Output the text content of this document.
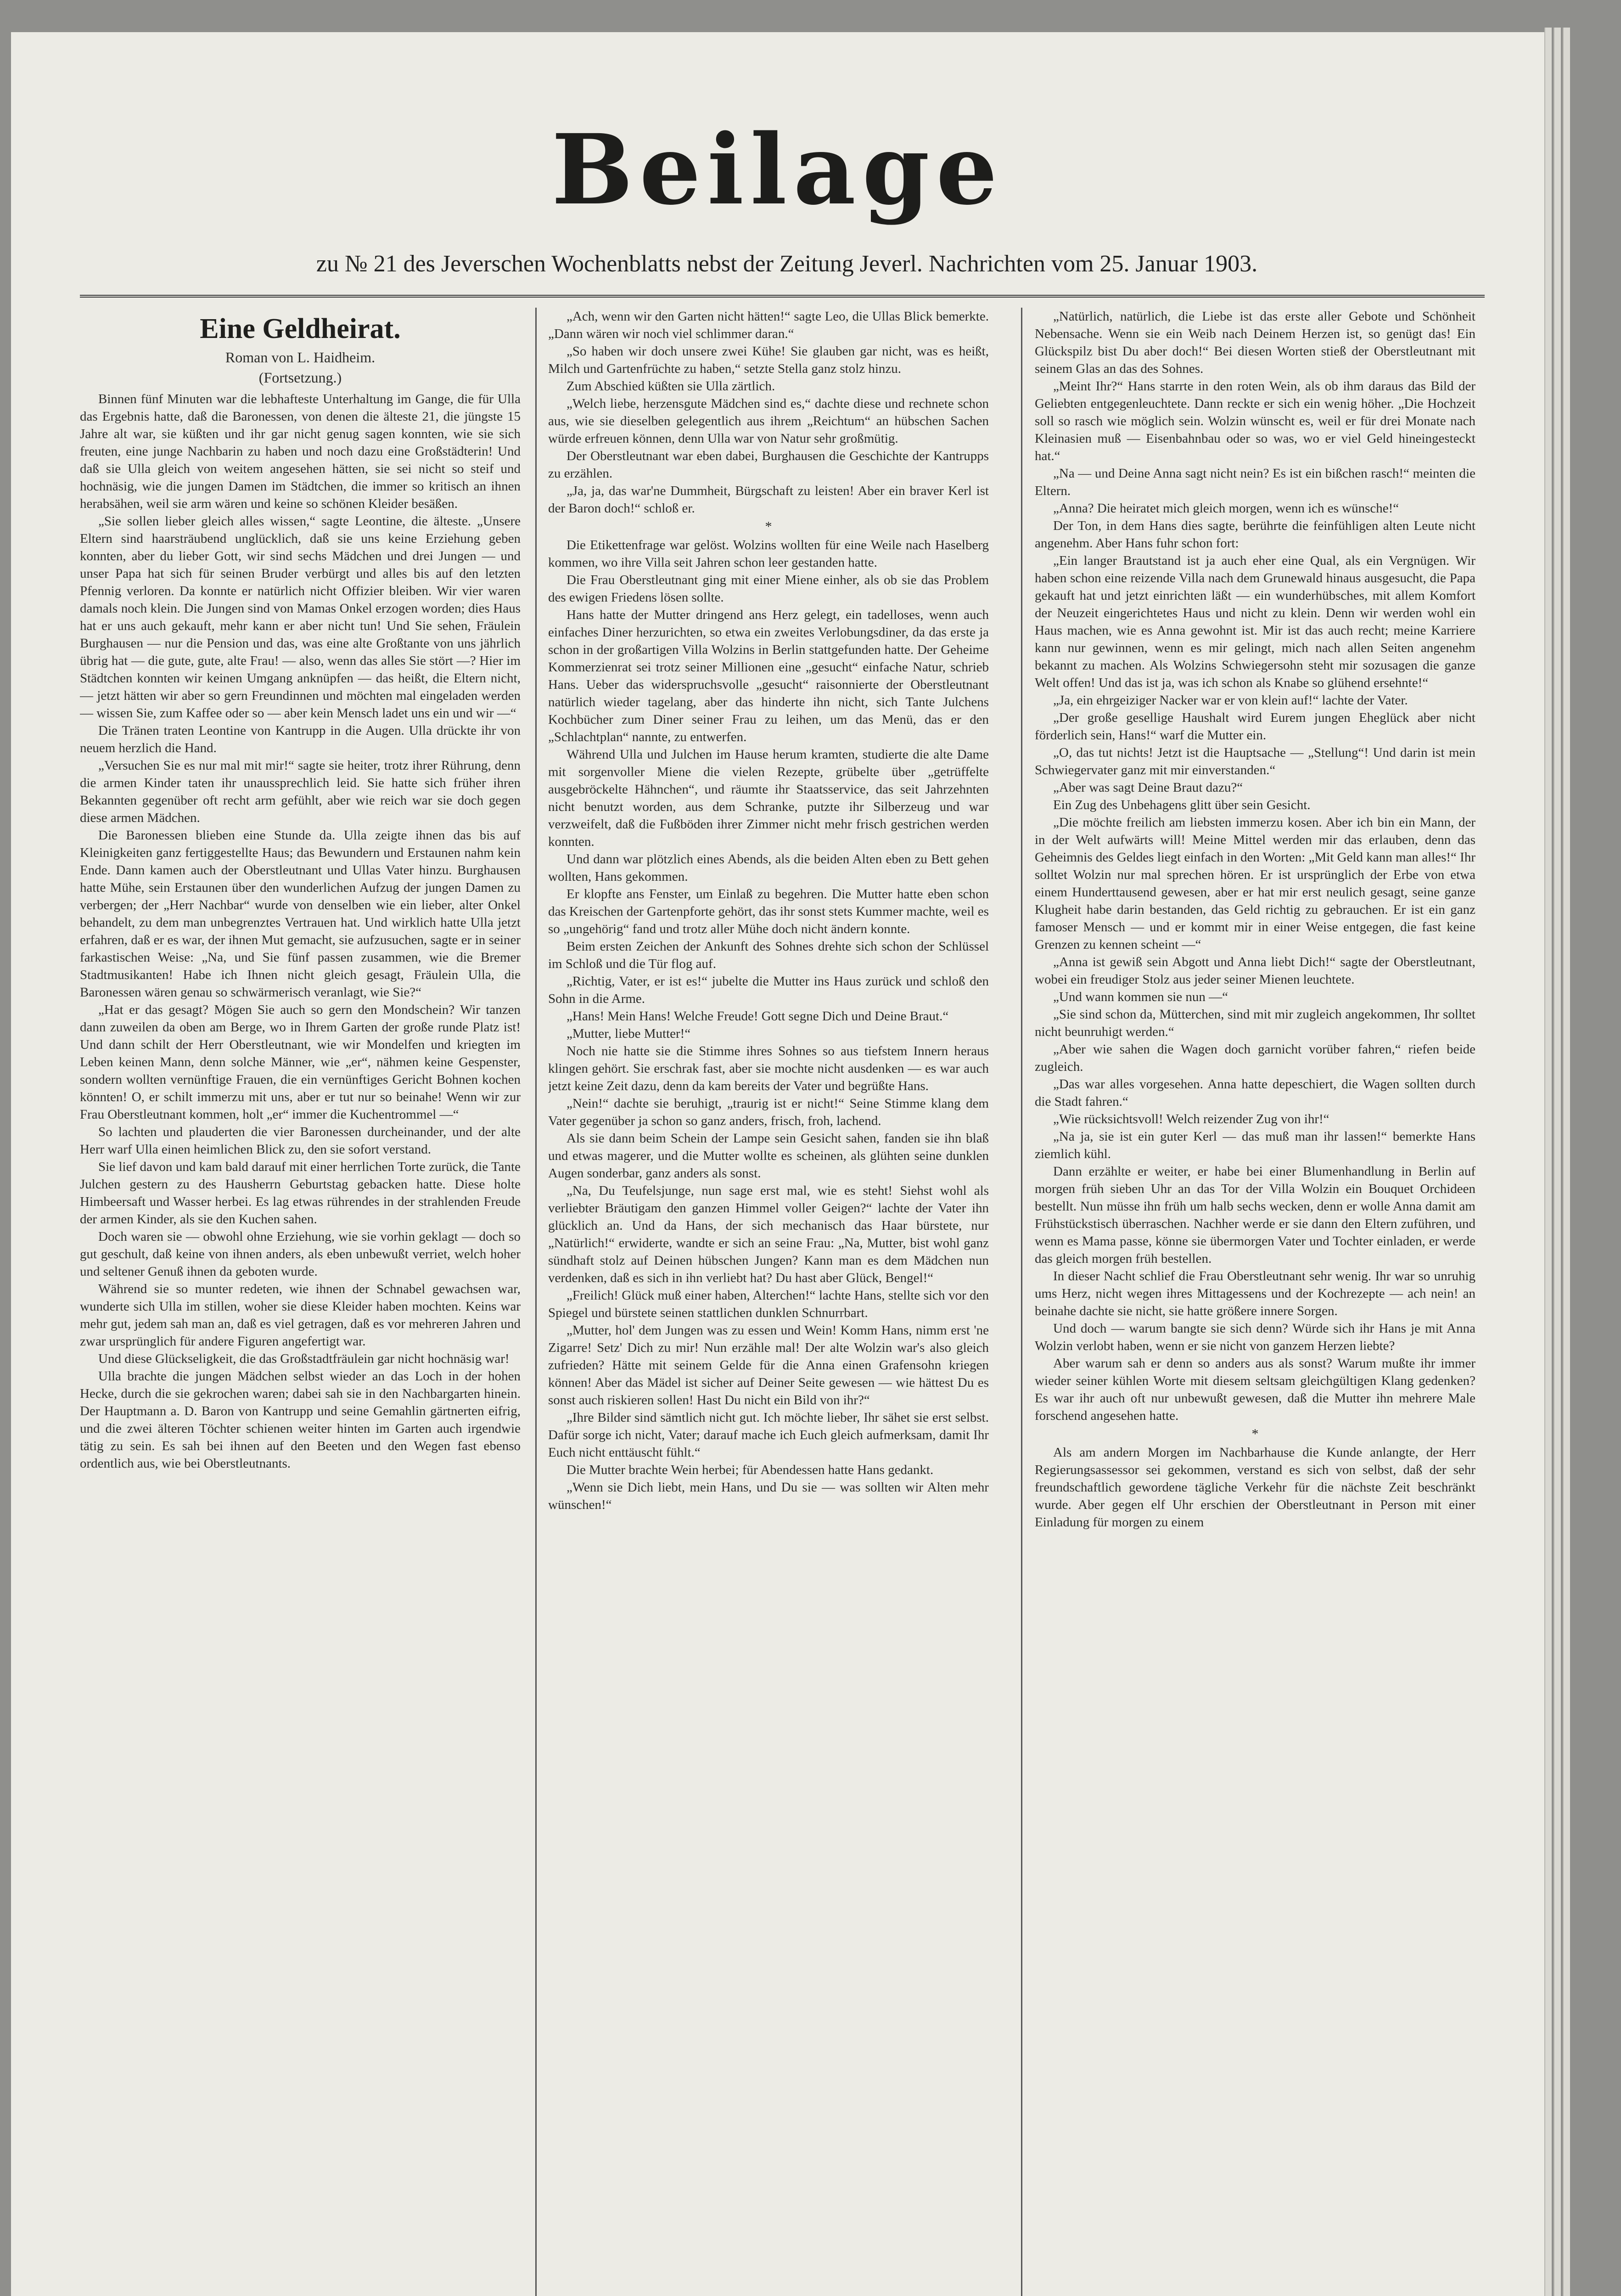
Beilage
zu № 21 des Jeverschen Wochenblatts nebst der Zeitung Jeverl. Nachrichten vom 25. Januar 1903.
Eine Geldheirat.
Roman von L. Haidheim.
(Fortsetzung.)

Binnen fünf Minuten war die lebhafteste Unterhaltung im Gange, die für Ulla das Ergebnis hatte, daß die Baronessen, von denen die älteste 21, die jüngste 15 Jahre alt war, sie küßten und ihr gar nicht genug sagen konnten, wie sie sich freuten, eine junge Nachbarin zu haben und noch dazu eine Großstädterin! Und daß sie Ulla gleich von weitem angesehen hätten, sie sei nicht so steif und hochnäsig, wie die jungen Damen im Städtchen, die immer so kritisch an ihnen herabsähen, weil sie arm wären und keine so schönen Kleider besäßen.

„Sie sollen lieber gleich alles wissen,“ sagte Leontine, die älteste. „Unsere Eltern sind haarsträubend unglücklich, daß sie uns keine Erziehung geben konnten, aber du lieber Gott, wir sind sechs Mädchen und drei Jungen — und unser Papa hat sich für seinen Bruder verbürgt und alles bis auf den letzten Pfennig verloren. Da konnte er natürlich nicht Offizier bleiben. Wir vier waren damals noch klein. Die Jungen sind von Mamas Onkel erzogen worden; dies Haus hat er uns auch gekauft, mehr kann er aber nicht tun! Und Sie sehen, Fräulein Burghausen — nur die Pension und das, was eine alte Großtante von uns jährlich übrig hat — die gute, gute, alte Frau! — also, wenn das alles Sie stört —? Hier im Städtchen konnten wir keinen Umgang anknüpfen — das heißt, die Eltern nicht, — jetzt hätten wir aber so gern Freundinnen und möchten mal eingeladen werden — wissen Sie, zum Kaffee oder so — aber kein Mensch ladet uns ein und wir —“

Die Tränen traten Leontine von Kantrupp in die Augen. Ulla drückte ihr von neuem herzlich die Hand.

„Versuchen Sie es nur mal mit mir!“ sagte sie heiter, trotz ihrer Rührung, denn die armen Kinder taten ihr unaussprechlich leid. Sie hatte sich früher ihren Bekannten gegenüber oft recht arm gefühlt, aber wie reich war sie doch gegen diese armen Mädchen.

Die Baronessen blieben eine Stunde da. Ulla zeigte ihnen das bis auf Kleinigkeiten ganz fertiggestellte Haus; das Bewundern und Erstaunen nahm kein Ende. Dann kamen auch der Oberstleutnant und Ullas Vater hinzu. Burghausen hatte Mühe, sein Erstaunen über den wunderlichen Aufzug der jungen Damen zu verbergen; der „Herr Nachbar“ wurde von denselben wie ein lieber, alter Onkel behandelt, zu dem man unbegrenztes Vertrauen hat. Und wirklich hatte Ulla jetzt erfahren, daß er es war, der ihnen Mut gemacht, sie aufzusuchen, sagte er in seiner farkastischen Weise: „Na, und Sie fünf passen zusammen, wie die Bremer Stadtmusikanten! Habe ich Ihnen nicht gleich gesagt, Fräulein Ulla, die Baronessen wären genau so schwärmerisch veranlagt, wie Sie?“

„Hat er das gesagt? Mögen Sie auch so gern den Mondschein? Wir tanzen dann zuweilen da oben am Berge, wo in Ihrem Garten der große runde Platz ist! Und dann schilt der Herr Oberstleutnant, wie wir Mondelfen und kriegten im Leben keinen Mann, denn solche Männer, wie „er“, nähmen keine Gespenster, sondern wollten vernünftige Frauen, die ein vernünftiges Gericht Bohnen kochen könnten! O, er schilt immerzu mit uns, aber er tut nur so beinahe! Wenn wir zur Frau Oberstleutnant kommen, holt „er“ immer die Kuchentrommel —“

So lachten und plauderten die vier Baronessen durcheinander, und der alte Herr warf Ulla einen heimlichen Blick zu, den sie sofort verstand.

Sie lief davon und kam bald darauf mit einer herrlichen Torte zurück, die Tante Julchen gestern zu des Hausherrn Geburtstag gebacken hatte. Diese holte Himbeersaft und Wasser herbei. Es lag etwas rührendes in der strahlenden Freude der armen Kinder, als sie den Kuchen sahen.

Doch waren sie — obwohl ohne Erziehung, wie sie vorhin geklagt — doch so gut geschult, daß keine von ihnen anders, als eben unbewußt verriet, welch hoher und seltener Genuß ihnen da geboten wurde.

Während sie so munter redeten, wie ihnen der Schnabel gewachsen war, wunderte sich Ulla im stillen, woher sie diese Kleider haben mochten. Keins war mehr gut, jedem sah man an, daß es viel getragen, daß es vor mehreren Jahren und zwar ursprünglich für andere Figuren angefertigt war.

Und diese Glückseligkeit, die das Großstadtfräulein gar nicht hochnäsig war!

Ulla brachte die jungen Mädchen selbst wieder an das Loch in der hohen Hecke, durch die sie gekrochen waren; dabei sah sie in den Nachbargarten hinein. Der Hauptmann a. D. Baron von Kantrupp und seine Gemahlin gärtnerten eifrig, und die zwei älteren Töchter schienen weiter hinten im Garten auch irgendwie tätig zu sein. Es sah bei ihnen auf den Beeten und den Wegen fast ebenso ordentlich aus, wie bei Oberstleutnants.

„Ach, wenn wir den Garten nicht hätten!“ sagte Leo, die Ullas Blick bemerkte. „Dann wären wir noch viel schlimmer daran.“

„So haben wir doch unsere zwei Kühe! Sie glauben gar nicht, was es heißt, Milch und Gartenfrüchte zu haben,“ setzte Stella ganz stolz hinzu.

Zum Abschied küßten sie Ulla zärtlich.

„Welch liebe, herzensgute Mädchen sind es,“ dachte diese und rechnete schon aus, wie sie dieselben gelegentlich aus ihrem „Reichtum“ an hübschen Sachen würde erfreuen können, denn Ulla war von Natur sehr großmütig.

Der Oberstleutnant war eben dabei, Burghausen die Geschichte der Kantrupps zu erzählen.

„Ja, ja, das war'ne Dummheit, Bürgschaft zu leisten! Aber ein braver Kerl ist der Baron doch!“ schloß er.

*

Die Etikettenfrage war gelöst. Wolzins wollten für eine Weile nach Haselberg kommen, wo ihre Villa seit Jahren schon leer gestanden hatte.

Die Frau Oberstleutnant ging mit einer Miene einher, als ob sie das Problem des ewigen Friedens lösen sollte.

Hans hatte der Mutter dringend ans Herz gelegt, ein tadelloses, wenn auch einfaches Diner herzurichten, so etwa ein zweites Verlobungsdiner, da das erste ja schon in der großartigen Villa Wolzins in Berlin stattgefunden hatte. Der Geheime Kommerzienrat sei trotz seiner Millionen eine „gesucht“ einfache Natur, schrieb Hans. Ueber das widerspruchsvolle „gesucht“ raisonnierte der Oberstleutnant natürlich wieder tagelang, aber das hinderte ihn nicht, sich Tante Julchens Kochbücher zum Diner seiner Frau zu leihen, um das Menü, das er den „Schlachtplan“ nannte, zu entwerfen.

Während Ulla und Julchen im Hause herum kramten, studierte die alte Dame mit sorgenvoller Miene die vielen Rezepte, grübelte über „getrüffelte ausgebröckelte Hähnchen“, und räumte ihr Staatsservice, das seit Jahrzehnten nicht benutzt worden, aus dem Schranke, putzte ihr Silberzeug und war verzweifelt, daß die Fußböden ihrer Zimmer nicht mehr frisch gestrichen werden konnten.

Und dann war plötzlich eines Abends, als die beiden Alten eben zu Bett gehen wollten, Hans gekommen.

Er klopfte ans Fenster, um Einlaß zu begehren. Die Mutter hatte eben schon das Kreischen der Gartenpforte gehört, das ihr sonst stets Kummer machte, weil es so „ungehörig“ fand und trotz aller Mühe doch nicht ändern konnte.

Beim ersten Zeichen der Ankunft des Sohnes drehte sich schon der Schlüssel im Schloß und die Tür flog auf.

„Richtig, Vater, er ist es!“ jubelte die Mutter ins Haus zurück und schloß den Sohn in die Arme.

„Hans! Mein Hans! Welche Freude! Gott segne Dich und Deine Braut.“

„Mutter, liebe Mutter!“

Noch nie hatte sie die Stimme ihres Sohnes so aus tiefstem Innern heraus klingen gehört. Sie erschrak fast, aber sie mochte nicht ausdenken — es war auch jetzt keine Zeit dazu, denn da kam bereits der Vater und begrüßte Hans.

„Nein!“ dachte sie beruhigt, „traurig ist er nicht!“ Seine Stimme klang dem Vater gegenüber ja schon so ganz anders, frisch, froh, lachend.

Als sie dann beim Schein der Lampe sein Gesicht sahen, fanden sie ihn blaß und etwas magerer, und die Mutter wollte es scheinen, als glühten seine dunklen Augen sonderbar, ganz anders als sonst.

„Na, Du Teufelsjunge, nun sage erst mal, wie es steht! Siehst wohl als verliebter Bräutigam den ganzen Himmel voller Geigen?“ lachte der Vater ihn glücklich an. Und da Hans, der sich mechanisch das Haar bürstete, nur „Natürlich!“ erwiderte, wandte er sich an seine Frau: „Na, Mutter, bist wohl ganz sündhaft stolz auf Deinen hübschen Jungen? Kann man es dem Mädchen nun verdenken, daß es sich in ihn verliebt hat? Du hast aber Glück, Bengel!“

„Freilich! Glück muß einer haben, Alterchen!“ lachte Hans, stellte sich vor den Spiegel und bürstete seinen stattlichen dunklen Schnurrbart.

„Mutter, hol' dem Jungen was zu essen und Wein! Komm Hans, nimm erst 'ne Zigarre! Setz' Dich zu mir! Nun erzähle mal! Der alte Wolzin war's also gleich zufrieden? Hätte mit seinem Gelde für die Anna einen Grafensohn kriegen können! Aber das Mädel ist sicher auf Deiner Seite gewesen — wie hättest Du es sonst auch riskieren sollen! Hast Du nicht ein Bild von ihr?“

„Ihre Bilder sind sämtlich nicht gut. Ich möchte lieber, Ihr sähet sie erst selbst. Dafür sorge ich nicht, Vater; darauf mache ich Euch gleich aufmerksam, damit Ihr Euch nicht enttäuscht fühlt.“

Die Mutter brachte Wein herbei; für Abendessen hatte Hans gedankt.

„Wenn sie Dich liebt, mein Hans, und Du sie — was sollten wir Alten mehr wünschen!“

„Natürlich, natürlich, die Liebe ist das erste aller Gebote und Schönheit Nebensache. Wenn sie ein Weib nach Deinem Herzen ist, so genügt das! Ein Glückspilz bist Du aber doch!“ Bei diesen Worten stieß der Oberstleutnant mit seinem Glas an das des Sohnes.

„Meint Ihr?“ Hans starrte in den roten Wein, als ob ihm daraus das Bild der Geliebten entgegenleuchtete. Dann reckte er sich ein wenig höher. „Die Hochzeit soll so rasch wie möglich sein. Wolzin wünscht es, weil er für drei Monate nach Kleinasien muß — Eisenbahnbau oder so was, wo er viel Geld hineingesteckt hat.“

„Na — und Deine Anna sagt nicht nein? Es ist ein bißchen rasch!“ meinten die Eltern.

„Anna? Die heiratet mich gleich morgen, wenn ich es wünsche!“

Der Ton, in dem Hans dies sagte, berührte die feinfühligen alten Leute nicht angenehm. Aber Hans fuhr schon fort:

„Ein langer Brautstand ist ja auch eher eine Qual, als ein Vergnügen. Wir haben schon eine reizende Villa nach dem Grunewald hinaus ausgesucht, die Papa gekauft hat und jetzt einrichten läßt — ein wunderhübsches, mit allem Komfort der Neuzeit eingerichtetes Haus und nicht zu klein. Denn wir werden wohl ein Haus machen, wie es Anna gewohnt ist. Mir ist das auch recht; meine Karriere kann nur gewinnen, wenn es mir gelingt, mich nach allen Seiten angenehm bekannt zu machen. Als Wolzins Schwiegersohn steht mir sozusagen die ganze Welt offen! Und das ist ja, was ich schon als Knabe so glühend ersehnte!“

„Ja, ein ehrgeiziger Nacker war er von klein auf!“ lachte der Vater.

„Der große gesellige Haushalt wird Eurem jungen Eheglück aber nicht förderlich sein, Hans!“ warf die Mutter ein.

„O, das tut nichts! Jetzt ist die Hauptsache — „Stellung“! Und darin ist mein Schwiegervater ganz mit mir einverstanden.“

„Aber was sagt Deine Braut dazu?“

Ein Zug des Unbehagens glitt über sein Gesicht.

„Die möchte freilich am liebsten immerzu kosen. Aber ich bin ein Mann, der in der Welt aufwärts will! Meine Mittel werden mir das erlauben, denn das Geheimnis des Geldes liegt einfach in den Worten: „Mit Geld kann man alles!“ Ihr solltet Wolzin nur mal sprechen hören. Er ist ursprünglich der Erbe von etwa einem Hunderttausend gewesen, aber er hat mir erst neulich gesagt, seine ganze Klugheit habe darin bestanden, das Geld richtig zu gebrauchen. Er ist ein ganz famoser Mensch — und er kommt mir in einer Weise entgegen, die fast keine Grenzen zu kennen scheint —“

„Anna ist gewiß sein Abgott und Anna liebt Dich!“ sagte der Oberstleutnant, wobei ein freudiger Stolz aus jeder seiner Mienen leuchtete.

„Und wann kommen sie nun —“

„Sie sind schon da, Mütterchen, sind mit mir zugleich angekommen, Ihr solltet nicht beunruhigt werden.“

„Aber wie sahen die Wagen doch garnicht vorüber fahren,“ riefen beide zugleich.

„Das war alles vorgesehen. Anna hatte depeschiert, die Wagen sollten durch die Stadt fahren.“

„Wie rücksichtsvoll! Welch reizender Zug von ihr!“

„Na ja, sie ist ein guter Kerl — das muß man ihr lassen!“ bemerkte Hans ziemlich kühl.

Dann erzählte er weiter, er habe bei einer Blumenhandlung in Berlin auf morgen früh sieben Uhr an das Tor der Villa Wolzin ein Bouquet Orchideen bestellt. Nun müsse ihn früh um halb sechs wecken, denn er wolle Anna damit am Frühstückstisch überraschen. Nachher werde er sie dann den Eltern zuführen, und wenn es Mama passe, könne sie übermorgen Vater und Tochter einladen, er werde das gleich morgen früh bestellen.

In dieser Nacht schlief die Frau Oberstleutnant sehr wenig. Ihr war so unruhig ums Herz, nicht wegen ihres Mittagessens und der Kochrezepte — ach nein! an beinahe dachte sie nicht, sie hatte größere innere Sorgen.

Und doch — warum bangte sie sich denn? Würde sich ihr Hans je mit Anna Wolzin verlobt haben, wenn er sie nicht von ganzem Herzen liebte?

Aber warum sah er denn so anders aus als sonst? Warum mußte ihr immer wieder seiner kühlen Worte mit diesem seltsam gleichgültigen Klang gedenken? Es war ihr auch oft nur unbewußt gewesen, daß die Mutter ihn mehrere Male forschend angesehen hatte.

*

Als am andern Morgen im Nachbarhause die Kunde anlangte, der Herr Regierungsassessor sei gekommen, verstand es sich von selbst, daß der sehr freundschaftlich gewordene tägliche Verkehr für die nächste Zeit beschränkt wurde. Aber gegen elf Uhr erschien der Oberstleutnant in Person mit einer Einladung für morgen zu einem
